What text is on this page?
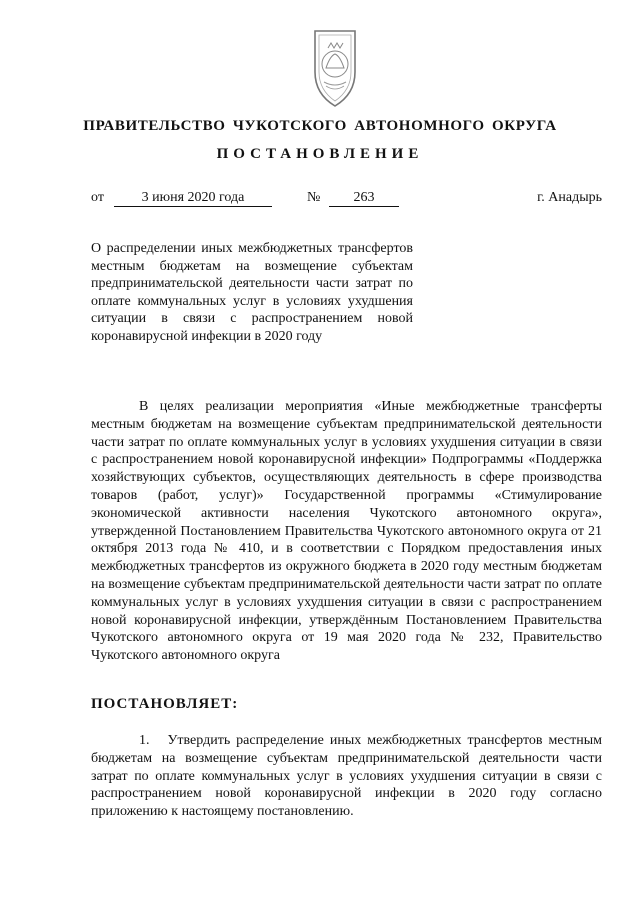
ПРАВИТЕЛЬСТВО ЧУКОТСКОГО АВТОНОМНОГО ОКРУГА
ПОСТАНОВЛЕНИЕ
от	3 июня 2020 года	№	263	г. Анадырь

О распределении иных межбюджетных трансфертов местным бюджетам на возмещение субъектам предпринимательской деятельности части затрат по оплате коммунальных услуг в условиях ухудшения ситуации в связи с распространением новой коронавирусной инфекции в 2020 году

В целях реализации мероприятия «Иные межбюджетные трансферты местным бюджетам на возмещение субъектам предпринимательской деятельности части затрат по оплате коммунальных услуг в условиях ухудшения ситуации в связи с распространением новой коронавирусной инфекции» Подпрограммы «Поддержка хозяйствующих субъектов, осуществляющих деятельность в сфере производства товаров (работ, услуг)» Государственной программы «Стимулирование экономической активности населения Чукотского автономного округа», утвержденной Постановлением Правительства Чукотского автономного округа от 21 октября 2013 года № 410, и в соответствии с Порядком предоставления иных межбюджетных трансфертов из окружного бюджета в 2020 году местным бюджетам на возмещение субъектам предпринимательской деятельности части затрат по оплате коммунальных услуг в условиях ухудшения ситуации в связи с распространением новой коронавирусной инфекции, утверждённым Постановлением Правительства Чукотского автономного округа от 19 мая 2020 года № 232, Правительство Чукотского автономного округа

ПОСТАНОВЛЯЕТ:

1. Утвердить распределение иных межбюджетных трансфертов местным бюджетам на возмещение субъектам предпринимательской деятельности части затрат по оплате коммунальных услуг в условиях ухудшения ситуации в связи с распространением новой коронавирусной инфекции в 2020 году согласно приложению к настоящему постановлению.
